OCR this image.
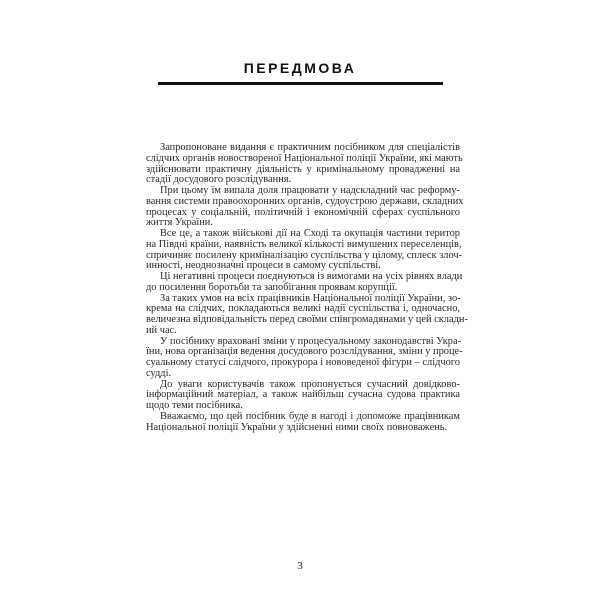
ПЕРЕДМОВА
Запропоноване видання є практичним посібником для спеціалістів
слідчих органів новоствореної Національної поліції України, які мають
здійснювати практичну діяльність у кримінальному провадженні на
стадії досудового розслідування.
При цьому їм випала доля працювати у надскладний час реформу-
вання системи правоохоронних органів, судоустрою держави, складних
процесах у соціальній, політичній і економічній сферах суспільного
життя України.
Все це, а також військові дії на Сході та окупація частини територ
на Півдні країни, наявність великої кількості вимушених переселенців,
спричиняє посилену криміналізацію суспільства у цілому, сплеск злоч-
инності, неоднозначні процеси в самому суспільстві.
Ці негативні процеси поєднуються із вимогами на усіх рівнях влади
до посилення боротьби та запобігання проявам корупції.
За таких умов на всіх працівників Національної поліції України, зо-
крема на слідчих, покладаються великі надії суспільства і, одночасно,
величезна відповідальність перед своїми співгромадянами у цей складн-
ий час.
У посібнику враховані зміни у процесуальному законодавстві Укра-
їни, нова організація ведення досудового розслідування, зміни у проце-
суальному статусі слідчого, прокурора і нововеденої фігури – слідчого
судді.
До уваги користувачів також пропонується сучасний довідково-
інформаційний матеріал, а також найбільш сучасна судова практика
щодо теми посібника.
Вважаємо, що цей посібник буде в нагоді і допоможе працівникам
Національної поліції України у здійсненні ними своїх повноважень.
3
